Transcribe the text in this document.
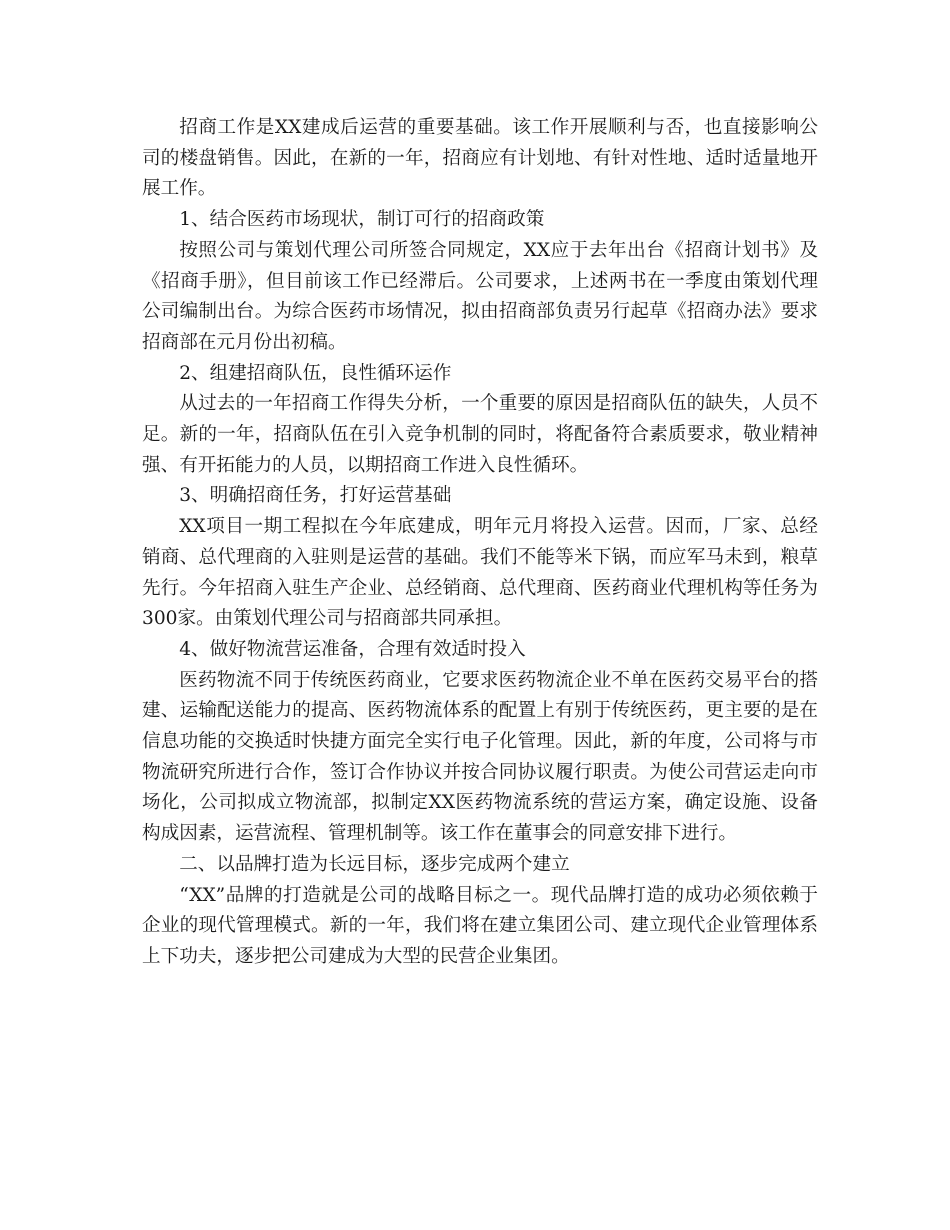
招商工作是XX建成后运营的重要基础。该工作开展顺利与否，也直接影响公司的楼盘销售。因此，在新的一年，招商应有计划地、有针对性地、适时适量地开展工作。

1、结合医药市场现状，制订可行的招商政策

按照公司与策划代理公司所签合同规定，XX应于去年出台《招商计划书》及《招商手册》，但目前该工作已经滞后。公司要求，上述两书在一季度由策划代理公司编制出台。为综合医药市场情况，拟由招商部负责另行起草《招商办法》要求招商部在元月份出初稿。

2、组建招商队伍，良性循环运作

从过去的一年招商工作得失分析，一个重要的原因是招商队伍的缺失，人员不足。新的一年，招商队伍在引入竞争机制的同时，将配备符合素质要求，敬业精神强、有开拓能力的人员，以期招商工作进入良性循环。

3、明确招商任务，打好运营基础

XX项目一期工程拟在今年底建成，明年元月将投入运营。因而，厂家、总经销商、总代理商的入驻则是运营的基础。我们不能等米下锅，而应军马未到，粮草先行。今年招商入驻生产企业、总经销商、总代理商、医药商业代理机构等任务为300家。由策划代理公司与招商部共同承担。

4、做好物流营运准备，合理有效适时投入

医药物流不同于传统医药商业，它要求医药物流企业不单在医药交易平台的搭建、运输配送能力的提高、医药物流体系的配置上有别于传统医药，更主要的是在信息功能的交换适时快捷方面完全实行电子化管理。因此，新的年度，公司将与市物流研究所进行合作，签订合作协议并按合同协议履行职责。为使公司营运走向市场化，公司拟成立物流部，拟制定XX医药物流系统的营运方案，确定设施、设备构成因素，运营流程、管理机制等。该工作在董事会的同意安排下进行。

二、以品牌打造为长远目标，逐步完成两个建立

“XX”品牌的打造就是公司的战略目标之一。现代品牌打造的成功必须依赖于企业的现代管理模式。新的一年，我们将在建立集团公司、建立现代企业管理体系上下功夫，逐步把公司建成为大型的民营企业集团。
